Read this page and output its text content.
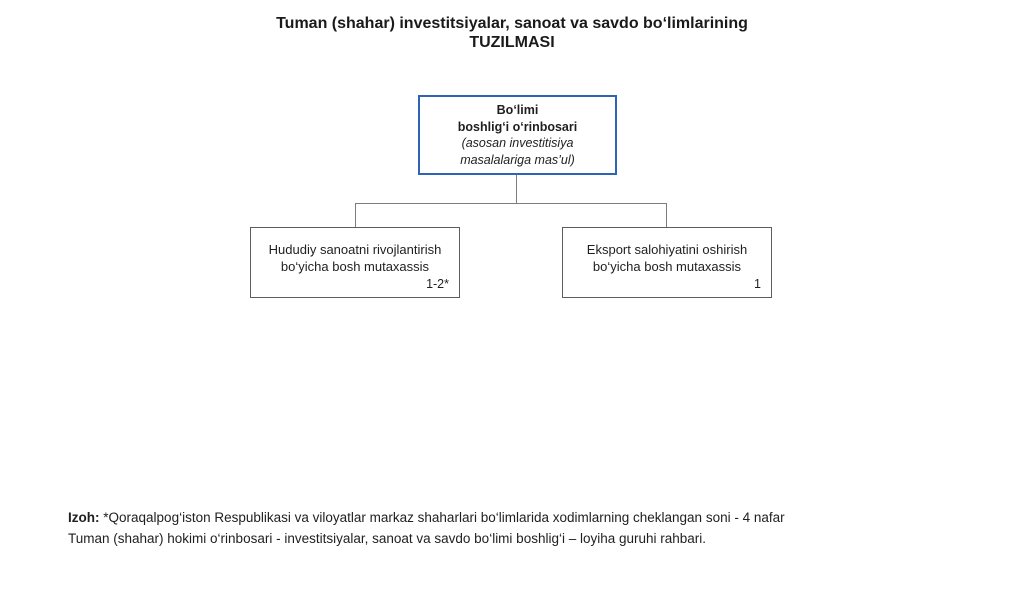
Tuman (shahar) investitsiyalar, sanoat va savdo bo‘limlarining
TUZILMASI
Bo‘limi
boshlig‘i o‘rinbosari
(asosan investitisiya masalalariga mas’ul)
Hududiy sanoatni rivojlantirish
bo‘yicha bosh mutaxassis
1-2*
Eksport salohiyatini oshirish
bo‘yicha bosh mutaxassis
1
Izoh: *Qoraqalpog‘iston Respublikasi va viloyatlar markaz shaharlari bo‘limlarida xodimlarning cheklangan soni - 4 nafar
Tuman (shahar) hokimi o‘rinbosari - investitsiyalar, sanoat va savdo bo‘limi boshlig‘i – loyiha guruhi rahbari.
